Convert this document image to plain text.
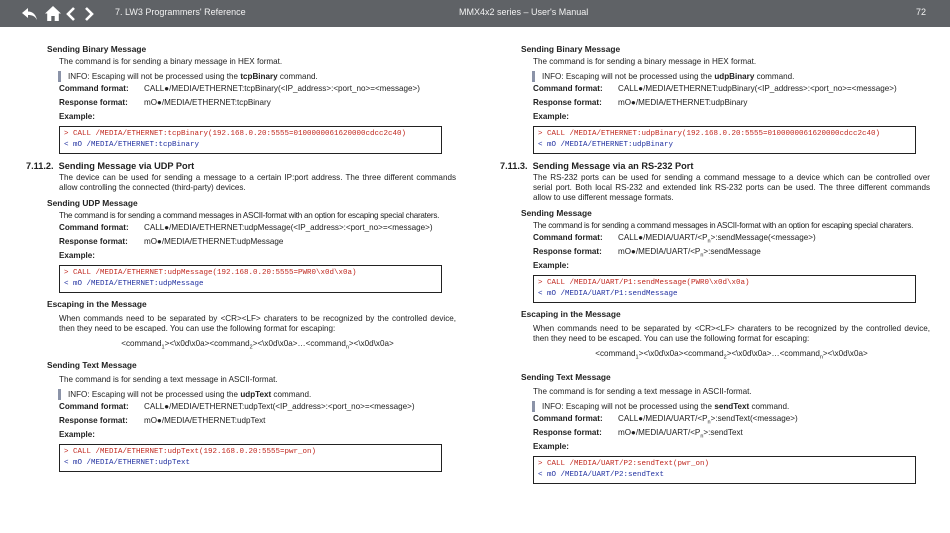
7. LW3 Programmers' Reference	MMX4x2 series – User's Manual	72
Sending Binary Message
The command is for sending a binary message in HEX format.
INFO: Escaping will not be processed using the tcpBinary command.
Command format:	CALL●/MEDIA/ETHERNET:tcpBinary(<IP_address>:<port_no>=<message>)
Response format:	mO●/MEDIA/ETHERNET:tcpBinary
Example:
> CALL /MEDIA/ETHERNET:tcpBinary(192.168.0.20:5555=0100000061620000cdcc2c40)
< mO /MEDIA/ETHERNET:tcpBinary
7.11.2. Sending Message via UDP Port
The device can be used for sending a message to a certain IP:port address. The three different commands allow controlling the connected (third-party) devices.
Sending UDP Message
The command is for sending a command messages in ASCII-format with an option for escaping special charaters.
Command format:	CALL●/MEDIA/ETHERNET:udpMessage(<IP_address>:<port_no>=<message>)
Response format:	mO●/MEDIA/ETHERNET:udpMessage
Example:
> CALL /MEDIA/ETHERNET:udpMessage(192.168.0.20:5555=PWR0\x0d\x0a)
< mO /MEDIA/ETHERNET:udpMessage
Escaping in the Message
When commands need to be separated by <CR><LF> charaters to be recognized by the controlled device, then they need to be escaped. You can use the following format for escaping:
<command$_1$><\x0d\x0a><command$_2$><\x0d\x0a>…<command$_n$><\x0d\x0a>
Sending Text Message
The command is for sending a text message in ASCII-format.
INFO: Escaping will not be processed using the udpText command.
Command format:	CALL●/MEDIA/ETHERNET:udpText(<IP_address>:<port_no>=<message>)
Response format:	mO●/MEDIA/ETHERNET:udpText
Example:
> CALL /MEDIA/ETHERNET:udpText(192.168.0.20:5555=pwr_on)
< mO /MEDIA/ETHERNET:udpText
Sending Binary Message
The command is for sending a binary message in HEX format.
INFO: Escaping will not be processed using the udpBinary command.
Command format:	CALL●/MEDIA/ETHERNET:udpBinary(<IP_address>:<port_no>=<message>)
Response format:	mO●/MEDIA/ETHERNET:udpBinary
Example:
> CALL /MEDIA/ETHERNET:udpBinary(192.168.0.20:5555=0100000061620000cdcc2c40)
< mO /MEDIA/ETHERNET:udpBinary
7.11.3. Sending Message via an RS-232 Port
The RS-232 ports can be used for sending a command message to a device which can be controlled over serial port. Both local RS-232 and extended link RS-232 ports can be used. The three different commands allow to use different message formats.
Sending Message
The command is for sending a command messages in ASCII-format with an option for escaping special charaters.
Command format:	$CALL●/MEDIA/UART/<P_n>:sendMessage(<message>)$
Response format:	$mO●/MEDIA/UART/<P_n>:sendMessage$
Example:
> CALL /MEDIA/UART/P1:sendMessage(PWR0\x0d\x0a)
< mO /MEDIA/UART/P1:sendMessage
Escaping in the Message
When commands need to be separated by <CR><LF> charaters to be recognized by the controlled device, then they need to be escaped. You can use the following format for escaping:
<command$_1$><\x0d\x0a><command$_2$><\x0d\x0a>…<command$_n$><\x0d\x0a>
Sending Text Message
The command is for sending a text message in ASCII-format.
INFO: Escaping will not be processed using the sendText command.
Command format:	$CALL●/MEDIA/UART/<P_n>:sendText(<message>)$
Response format:	$mO●/MEDIA/UART/<P_n>:sendText$
Example:
> CALL /MEDIA/UART/P2:sendText(pwr_on)
< mO /MEDIA/UART/P2:sendText
